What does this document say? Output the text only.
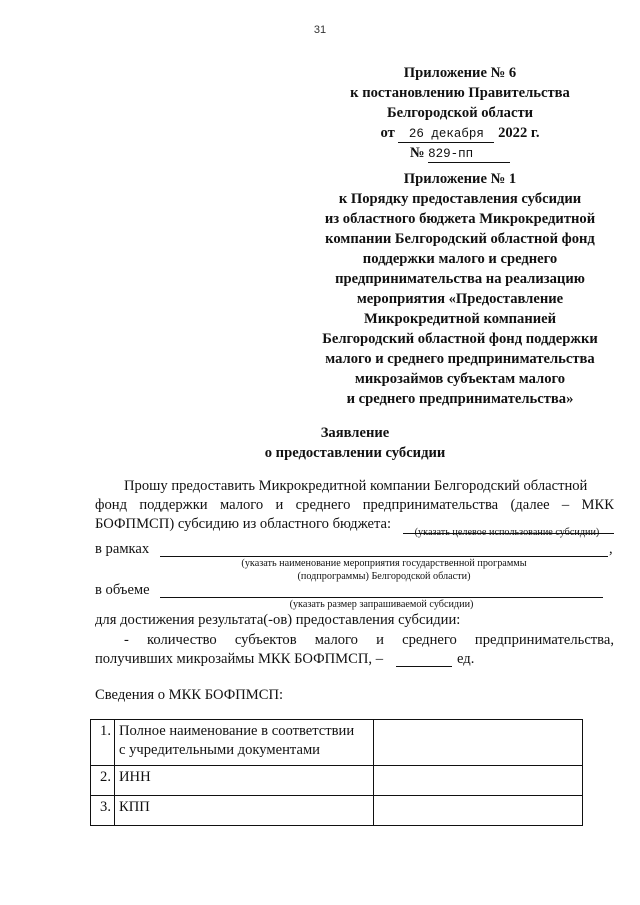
31
Приложение № 6
к постановлению Правительства
Белгородской области
от 26 декабря 2022 г.
№ 829-пп
Приложение № 1
к Порядку предоставления субсидии
из областного бюджета Микрокредитной
компании Белгородский областной фонд
поддержки малого и среднего
предпринимательства на реализацию
мероприятия «Предоставление
Микрокредитной компанией
Белгородский областной фонд поддержки
малого и среднего предпринимательства
микрозаймов субъектам малого
и среднего предпринимательства»
Заявление
о предоставлении субсидии
Прошу предоставить Микрокредитной компании Белгородский областной
фонд поддержки малого и среднего предпринимательства (далее – МКК
БОФПМСП) субсидию из областного бюджета:
(указать целевое использование субсидии)
в рамках	,
(указать наименование мероприятия государственной программы
(подпрограммы) Белгородской области)
в объеме
(указать размер запрашиваемой субсидии)
для достижения результата(-ов) предоставления субсидии:
- количество субъектов малого и среднего предпринимательства,
получивших микрозаймы МКК БОФПМСП, –	ед.
Сведения о МКК БОФПМСП:
1.	Полное наименование в соответствии
с учредительными документами	

2.	ИНН	

3.	КПП	
